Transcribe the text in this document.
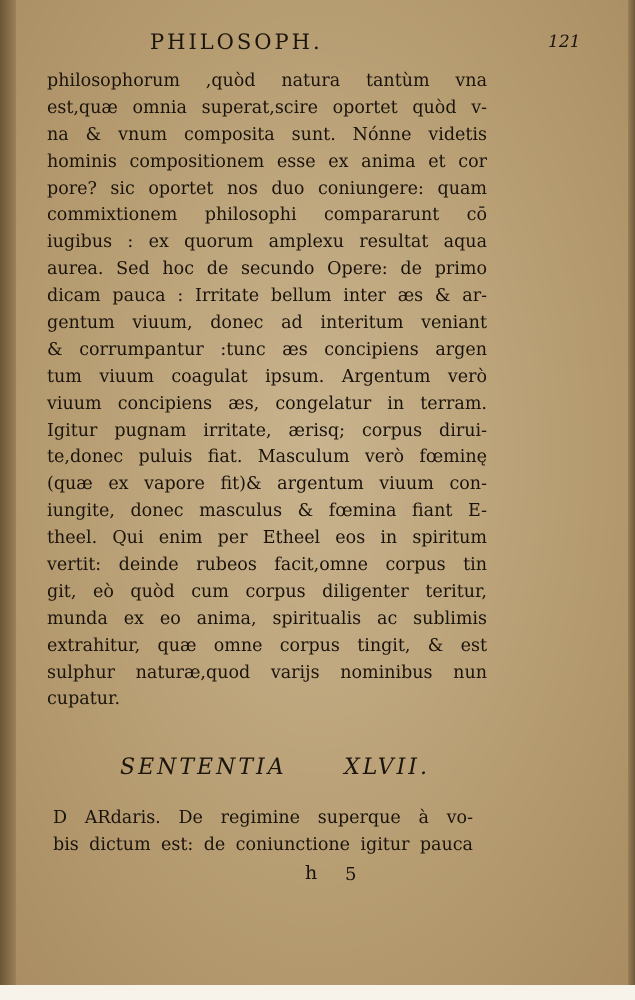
PHILOSOPH.	121
philosophorum ,quòd natura tantùm vna
est,quæ omnia superat,scire oportet quòd v-
na & vnum composita sunt. Nónne videtis
hominis compositionem esse ex anima et cor
pore? sic oportet nos duo coniungere: quam
commixtionem philosophi compararunt cō
iugibus : ex quorum amplexu resultat aqua
aurea. Sed hoc de secundo Opere: de primo
dicam pauca : Irritate bellum inter æs & ar-
gentum viuum, donec ad interitum veniant
& corrumpantur :tunc æs concipiens argen
tum viuum coagulat ipsum. Argentum verò
viuum concipiens æs, congelatur in terram.
Igitur pugnam irritate, ærisq; corpus dirui-
te,donec puluis fiat. Masculum verò fœminę
(quæ ex vapore fit)& argentum viuum con-
iungite, donec masculus & fœmina fiant E-
theel. Qui enim per Etheel eos in spiritum
vertit: deinde rubeos facit,omne corpus tin
git, eò quòd cum corpus diligenter teritur,
munda ex eo anima, spiritualis ac sublimis
extrahitur, quæ omne corpus tingit, & est
sulphur naturæ,quod varijs nominibus nun
cupatur.
SENTENTIA XLVII.
D ARdaris. De regimine superque à vo-
bis dictum est: de coniunctione igitur pauca
h 5
